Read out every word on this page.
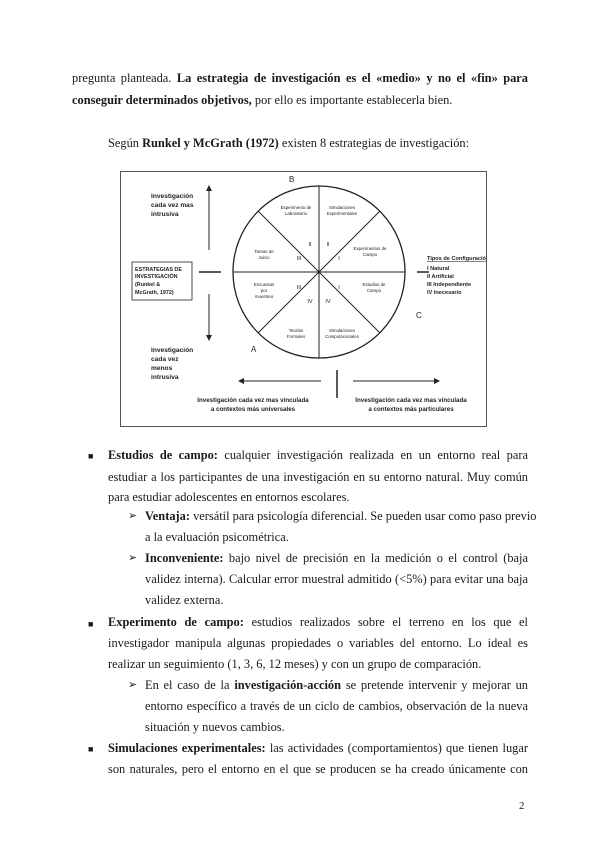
pregunta planteada. La estrategia de investigación es el «medio» y no el «fin» para
conseguir determinados objetivos, por ello es importante establecerla bien.
Según Runkel y McGrath (1972) existen 8 estrategias de investigación:
B
A
C
Investigación
cada vez mas
intrusiva
Investigación
cada vez
menos
intrusiva
ESTRATEGIAS DE
INVESTIGACIÓN
(Runkel &
McGrath, 1972)
Tipos de Configuración
I Natural
II Artificial
III Independiente
IV Inecesario
Investigación cada vez mas vinculada
a contextos más universales
Investigación cada vez mas vinculada
a contextos más particulares
Experimento de
Laboratorio
Simulaciones
Experimentales
Experimentos de
Campo
Estudios de
Campo
Simulaciones
Computacionales
Teorías
Formales
Encuestas
por
muestreo
Tareas de
Juicio
II	II
I
I
IV
IV
III
III
■ Estudios de campo: cualquier investigación realizada en un entorno real para
estudiar a los participantes de una investigación en su entorno natural. Muy común
para estudiar adolescentes en entornos escolares.
➢ Ventaja: versátil para psicología diferencial. Se pueden usar como paso previo
a la evaluación psicométrica.
➢ Inconveniente: bajo nivel de precisión en la medición o el control (baja
validez interna). Calcular error muestral admitido (<5%) para evitar una baja
validez externa.
■ Experimento de campo: estudios realizados sobre el terreno en los que el
investigador manipula algunas propiedades o variables del entorno. Lo ideal es
realizar un seguimiento (1, 3, 6, 12 meses) y con un grupo de comparación.
➢ En el caso de la investigación-acción se pretende intervenir y mejorar un
entorno específico a través de un ciclo de cambios, observación de la nueva
situación y nuevos cambios.
■ Simulaciones experimentales: las actividades (comportamientos) que tienen lugar
son naturales, pero el entorno en el que se producen se ha creado únicamente con
2
